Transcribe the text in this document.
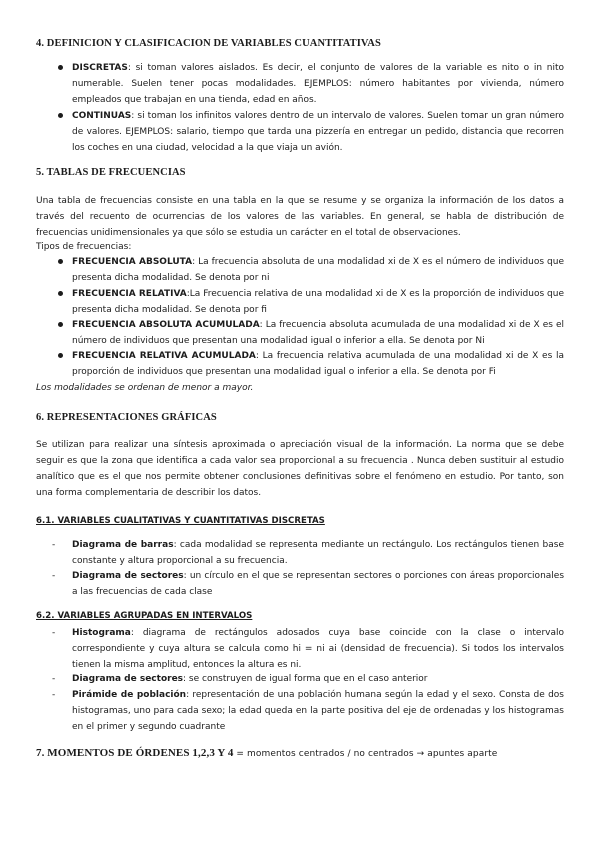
4. DEFINICION Y CLASIFICACION DE VARIABLES CUANTITATIVAS

DISCRETAS: si toman valores aislados. Es decir, el conjunto de valores de la variable es nito o in nito numerable. Suelen tener pocas modalidades. EJEMPLOS: número habitantes por vivienda, número empleados que trabajan en una tienda, edad en años.

CONTINUAS: si toman los infinitos valores dentro de un intervalo de valores. Suelen tomar un gran número de valores. EJEMPLOS: salario, tiempo que tarda una pizzería en entregar un pedido, distancia que recorren los coches en una ciudad, velocidad a la que viaja un avión.

5. TABLAS DE FRECUENCIAS

Una tabla de frecuencias consiste en una tabla en la que se resume y se organiza la información de los datos a través del recuento de ocurrencias de los valores de las variables. En general, se habla de distribución de frecuencias unidimensionales ya que sólo se estudia un carácter en el total de observaciones.

Tipos de frecuencias:

FRECUENCIA ABSOLUTA: La frecuencia absoluta de una modalidad xi de X es el número de individuos que presenta dicha modalidad. Se denota por ni

FRECUENCIA RELATIVA:La Frecuencia relativa de una modalidad xi de X es la proporción de individuos que presenta dicha modalidad. Se denota por fi

FRECUENCIA ABSOLUTA ACUMULADA: La frecuencia absoluta acumulada de una modalidad xi de X es el número de individuos que presentan una modalidad igual o inferior a ella. Se denota por Ni

FRECUENCIA RELATIVA ACUMULADA: La frecuencia relativa acumulada de una modalidad xi de X es la proporción de individuos que presentan una modalidad igual o inferior a ella. Se denota por Fi

Los modalidades se ordenan de menor a mayor.

6. REPRESENTACIONES GRÁFICAS

Se utilizan para realizar una síntesis aproximada o apreciación visual de la información. La norma que se debe seguir es que la zona que identifica a cada valor sea proporcional a su frecuencia . Nunca deben sustituir al estudio analítico que es el que nos permite obtener conclusiones definitivas sobre el fenómeno en estudio. Por tanto, son una forma complementaria de describir los datos.

6.1. VARIABLES CUALITATIVAS Y CUANTITATIVAS DISCRETAS
- Diagrama de barras: cada modalidad se representa mediante un rectángulo. Los rectángulos tienen base constante y altura proporcional a su frecuencia.

- Diagrama de sectores: un círculo en el que se representan sectores o porciones con áreas proporcionales a las frecuencias de cada clase

6.2. VARIABLES AGRUPADAS EN INTERVALOS
- Histograma: diagrama de rectángulos adosados cuya base coincide con la clase o intervalo correspondiente y cuya altura se calcula como hi = ni ai (densidad de frecuencia). Si todos los intervalos tienen la misma amplitud, entonces la altura es ni.

- Diagrama de sectores: se construyen de igual forma que en el caso anterior

- Pirámide de población: representación de una población humana según la edad y el sexo. Consta de dos histogramas, uno para cada sexo; la edad queda en la parte positiva del eje de ordenadas y los histogramas en el primer y segundo cuadrante

7. MOMENTOS DE ÓRDENES 1,2,3 Y 4 = momentos centrados / no centrados → apuntes aparte
